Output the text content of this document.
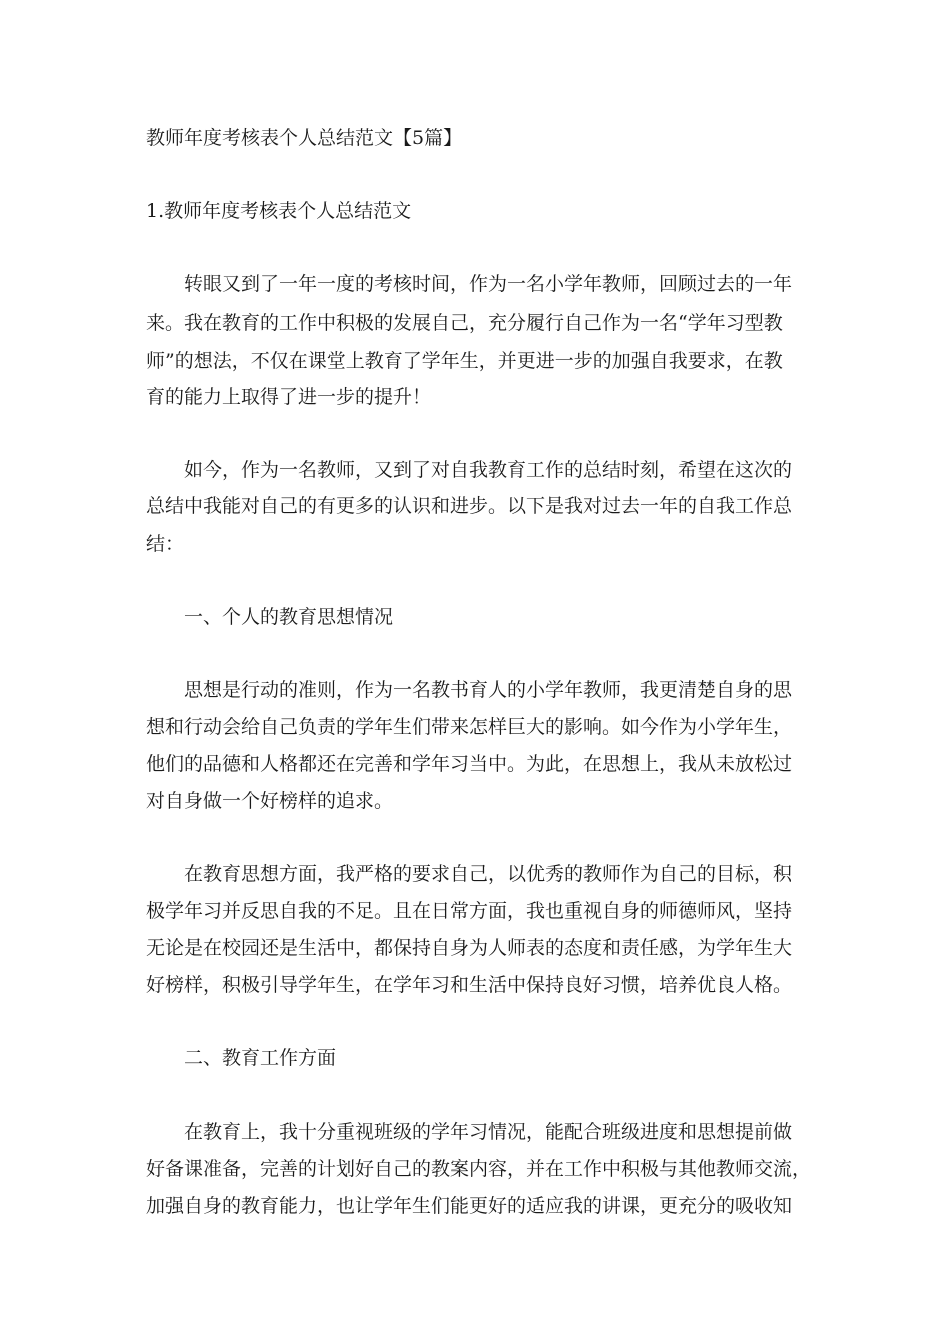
教师年度考核表个人总结范文【5篇】
1.教师年度考核表个人总结范文
转眼又到了一年一度的考核时间，作为一名小学年教师，回顾过去的一年
来。我在教育的工作中积极的发展自己，充分履行自己作为一名“学年习型教
师”的想法，不仅在课堂上教育了学年生，并更进一步的加强自我要求，在教
育的能力上取得了进一步的提升！
如今，作为一名教师，又到了对自我教育工作的总结时刻，希望在这次的
总结中我能对自己的有更多的认识和进步。以下是我对过去一年的自我工作总
结：
一、个人的教育思想情况
思想是行动的准则，作为一名教书育人的小学年教师，我更清楚自身的思
想和行动会给自己负责的学年生们带来怎样巨大的影响。如今作为小学年生，
他们的品德和人格都还在完善和学年习当中。为此，在思想上，我从未放松过
对自身做一个好榜样的追求。
在教育思想方面，我严格的要求自己，以优秀的教师作为自己的目标，积
极学年习并反思自我的不足。且在日常方面，我也重视自身的师德师风，坚持
无论是在校园还是生活中，都保持自身为人师表的态度和责任感，为学年生大
好榜样，积极引导学年生，在学年习和生活中保持良好习惯，培养优良人格。
二、教育工作方面
在教育上，我十分重视班级的学年习情况，能配合班级进度和思想提前做
好备课准备，完善的计划好自己的教案内容，并在工作中积极与其他教师交流，
加强自身的教育能力，也让学年生们能更好的适应我的讲课，更充分的吸收知
